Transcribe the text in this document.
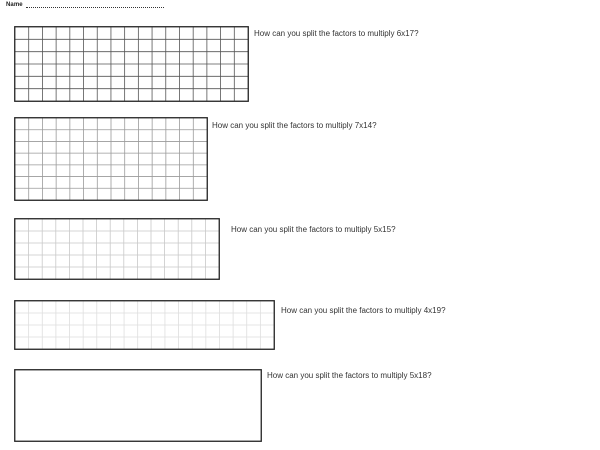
Name
How can you split the factors to multiply 6x17?
How can you split the factors to multiply 7x14?
How can you split the factors to multiply 5x15?
How can you split the factors to multiply 4x19?
How can you split the factors to multiply 5x18?
